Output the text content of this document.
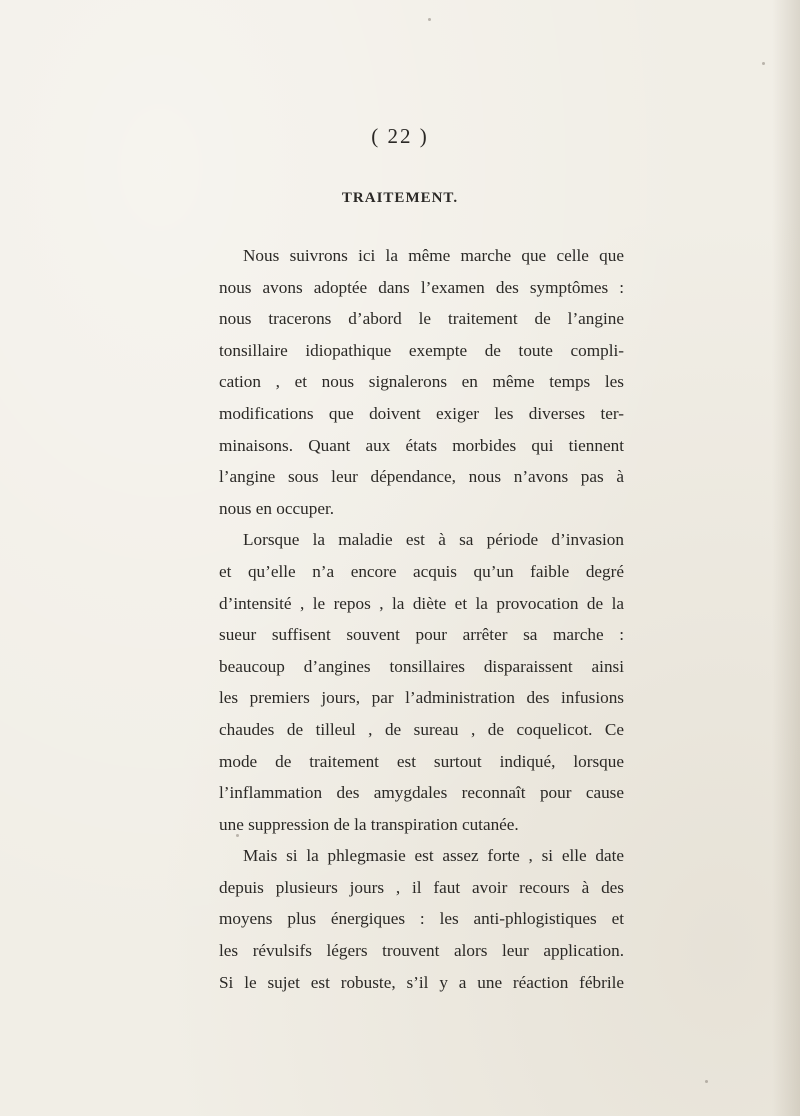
( 22 )
TRAITEMENT.
Nous suivrons ici la même marche que celle que
nous avons adoptée dans l’examen des symptômes :
nous tracerons d’abord le traitement de l’angine
tonsillaire idiopathique exempte de toute compli-
cation , et nous signalerons en même temps les
modifications que doivent exiger les diverses ter-
minaisons. Quant aux états morbides qui tiennent
l’angine sous leur dépendance, nous n’avons pas à
nous en occuper.
Lorsque la maladie est à sa période d’invasion
et qu’elle n’a encore acquis qu’un faible degré
d’intensité , le repos , la diète et la provocation de la
sueur suffisent souvent pour arrêter sa marche :
beaucoup d’angines tonsillaires disparaissent ainsi
les premiers jours, par l’administration des infusions
chaudes de tilleul , de sureau , de coquelicot. Ce
mode de traitement est surtout indiqué, lorsque
l’inflammation des amygdales reconnaît pour cause
une suppression de la transpiration cutanée.
Mais si la phlegmasie est assez forte , si elle date
depuis plusieurs jours , il faut avoir recours à des
moyens plus énergiques : les anti-phlogistiques et
les révulsifs légers trouvent alors leur application.
Si le sujet est robuste, s’il y a une réaction fébrile
